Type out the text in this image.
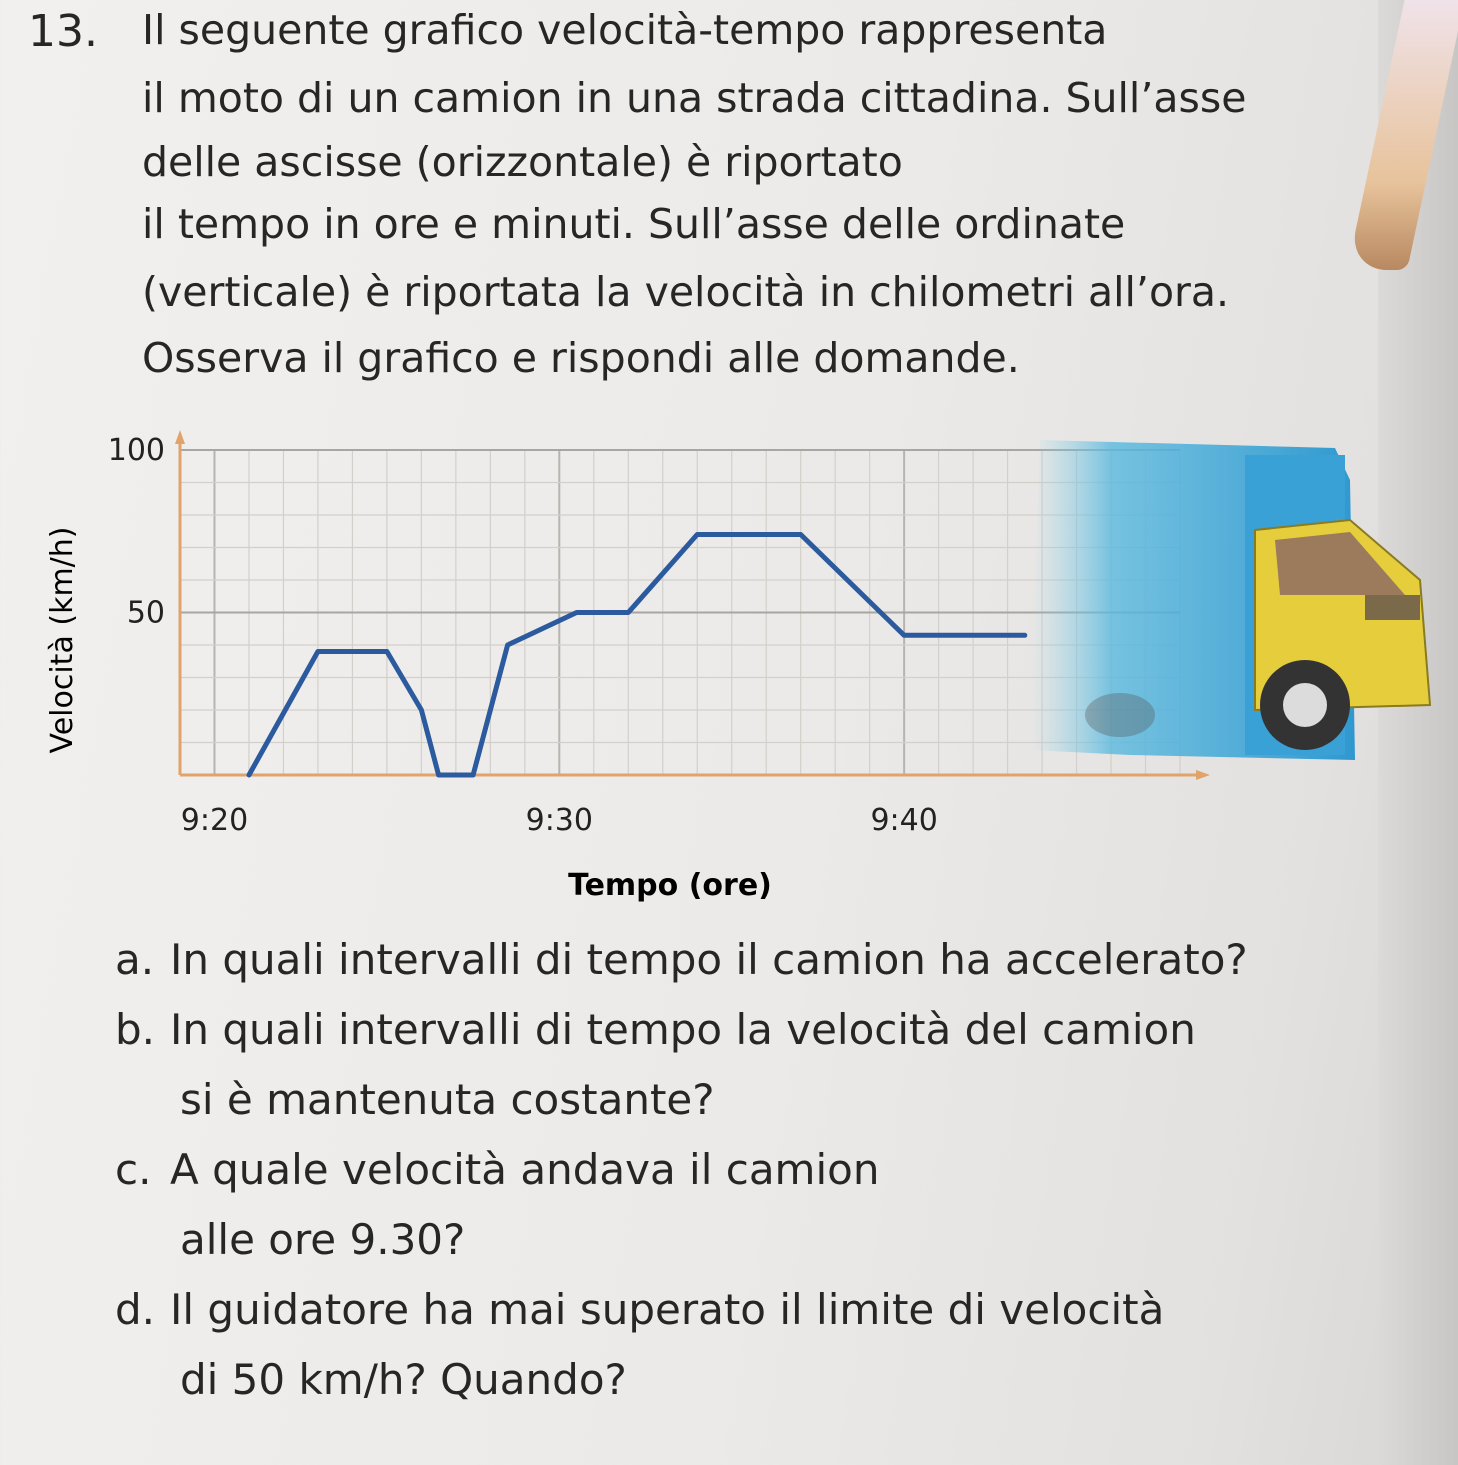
13. Il seguente grafico velocità-tempo rappresenta
il moto di un camion in una strada cittadina. Sull’asse
delle ascisse (orizzontale) è riportato
il tempo in ore e minuti. Sull’asse delle ordinate
(verticale) è riportata la velocità in chilometri all’ora.
Osserva il grafico e rispondi alle domande.
9:20	9:30	9:40
50
100
Velocità (km/h)
Tempo (ore)
a. In quali intervalli di tempo il camion ha accelerato?
b. In quali intervalli di tempo la velocità del camion
si è mantenuta costante?
c. A quale velocità andava il camion
alle ore 9.30?
d. Il guidatore ha mai superato il limite di velocità
di 50 km/h? Quando?
